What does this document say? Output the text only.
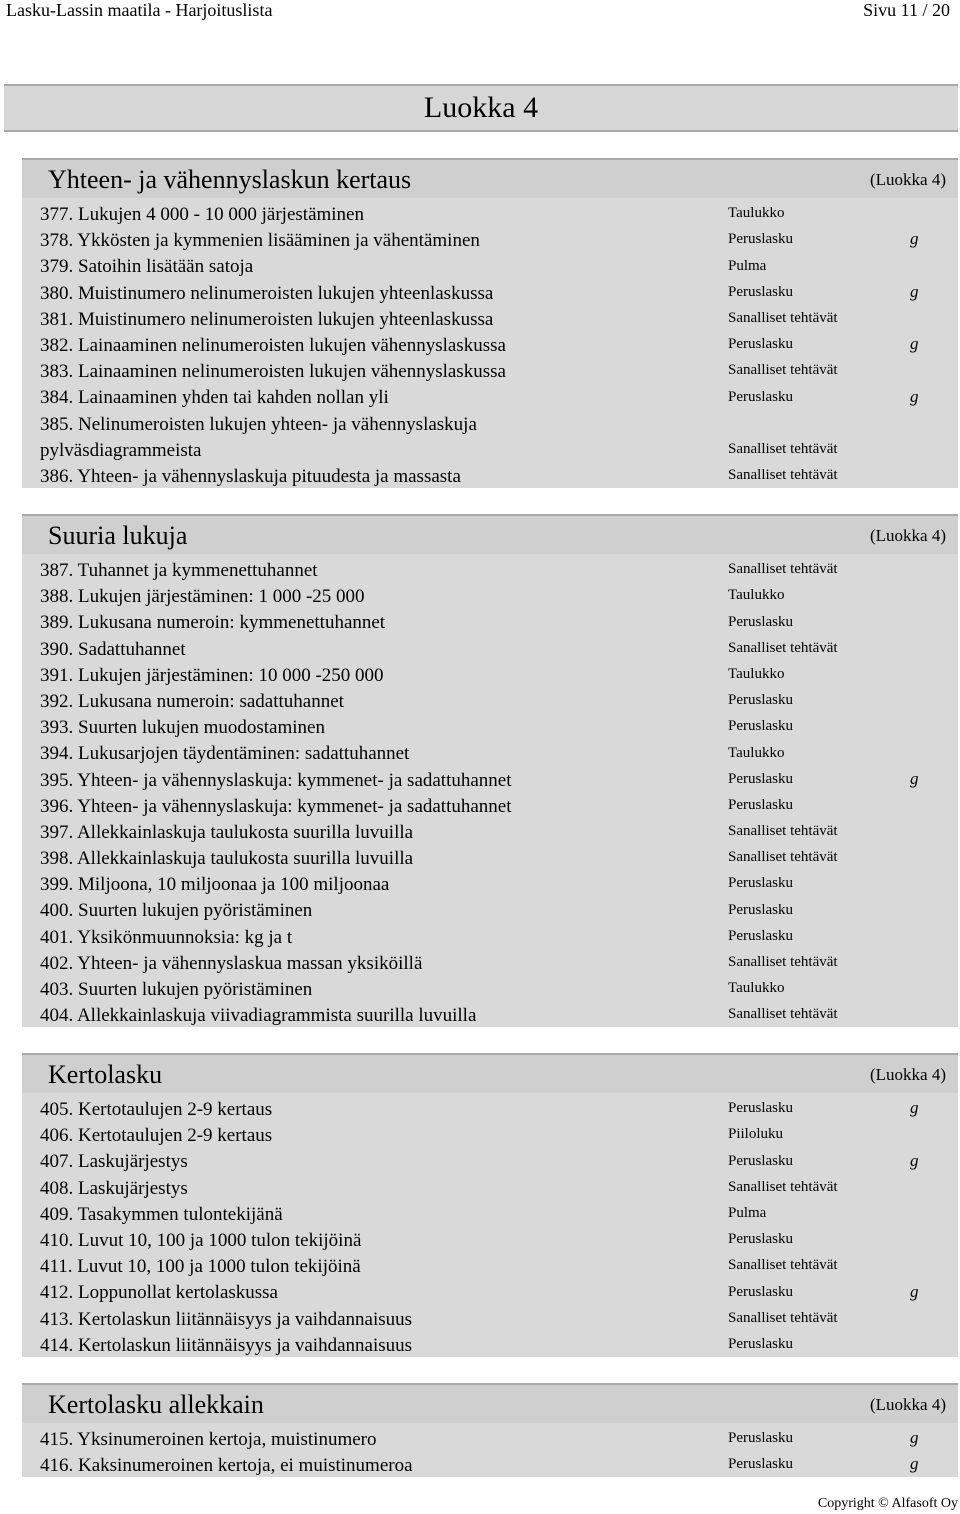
Lasku-Lassin maatila - Harjoituslista	Sivu 11 / 20
Luokka 4
Yhteen- ja vähennyslaskun kertaus	(Luokka 4)
377. Lukujen 4 000 - 10 000 järjestäminen	Taulukko
378. Ykkösten ja kymmenien lisääminen ja vähentäminen	Peruslasku	g
379. Satoihin lisätään satoja	Pulma
380. Muistinumero nelinumeroisten lukujen yhteenlaskussa	Peruslasku	g
381. Muistinumero nelinumeroisten lukujen yhteenlaskussa	Sanalliset tehtävät
382. Lainaaminen nelinumeroisten lukujen vähennyslaskussa	Peruslasku	g
383. Lainaaminen nelinumeroisten lukujen vähennyslaskussa	Sanalliset tehtävät
384. Lainaaminen yhden tai kahden nollan yli	Peruslasku	g
385. Nelinumeroisten lukujen yhteen- ja vähennyslaskuja pylväsdiagrammeista	Sanalliset tehtävät
386. Yhteen- ja vähennyslaskuja pituudesta ja massasta	Sanalliset tehtävät
Suuria lukuja	(Luokka 4)
387. Tuhannet ja kymmenettuhannet	Sanalliset tehtävät
388. Lukujen järjestäminen: 1 000 -25 000	Taulukko
389. Lukusana numeroin: kymmenettuhannet	Peruslasku
390. Sadattuhannet	Sanalliset tehtävät
391. Lukujen järjestäminen: 10 000 -250 000	Taulukko
392. Lukusana numeroin: sadattuhannet	Peruslasku
393. Suurten lukujen muodostaminen	Peruslasku
394. Lukusarjojen täydentäminen: sadattuhannet	Taulukko
395. Yhteen- ja vähennyslaskuja: kymmenet- ja sadattuhannet	Peruslasku	g
396. Yhteen- ja vähennyslaskuja: kymmenet- ja sadattuhannet	Peruslasku
397. Allekkainlaskuja taulukosta suurilla luvuilla	Sanalliset tehtävät
398. Allekkainlaskuja taulukosta suurilla luvuilla	Sanalliset tehtävät
399. Miljoona, 10 miljoonaa ja 100 miljoonaa	Peruslasku
400. Suurten lukujen pyöristäminen	Peruslasku
401. Yksikönmuunnoksia: kg ja t	Peruslasku
402. Yhteen- ja vähennyslaskua massan yksiköillä	Sanalliset tehtävät
403. Suurten lukujen pyöristäminen	Taulukko
404. Allekkainlaskuja viivadiagrammista suurilla luvuilla	Sanalliset tehtävät
Kertolasku	(Luokka 4)
405. Kertotaulujen 2-9 kertaus	Peruslasku	g
406. Kertotaulujen 2-9 kertaus	Piiloluku
407. Laskujärjestys	Peruslasku	g
408. Laskujärjestys	Sanalliset tehtävät
409. Tasakymmen tulontekijänä	Pulma
410. Luvut 10, 100 ja 1000 tulon tekijöinä	Peruslasku
411. Luvut 10, 100 ja 1000 tulon tekijöinä	Sanalliset tehtävät
412. Loppunollat kertolaskussa	Peruslasku	g
413. Kertolaskun liitännäisyys ja vaihdannaisuus	Sanalliset tehtävät
414. Kertolaskun liitännäisyys ja vaihdannaisuus	Peruslasku
Kertolasku allekkain	(Luokka 4)
415. Yksinumeroinen kertoja, muistinumero	Peruslasku	g
416. Kaksinumeroinen kertoja, ei muistinumeroa	Peruslasku	g
Copyright © Alfasoft Oy
